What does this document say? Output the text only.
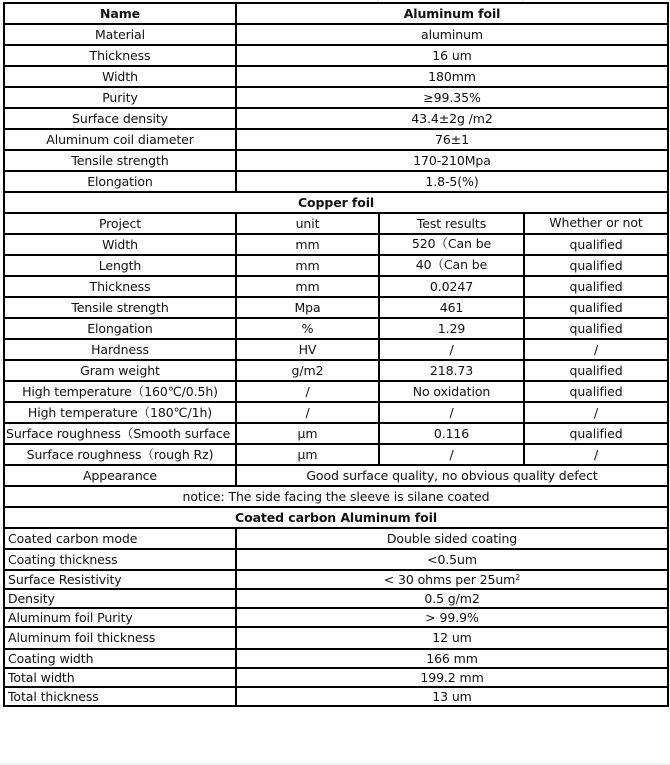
Name	Aluminum foil		
Material	aluminum		
Thickness	16 um		
Width	180mm		
Purity	≥99.35%		
Surface density	43.4±2g /m2		
Aluminum coil diameter	76±1		
Tensile strength	170-210Mpa		
Elongation	1.8-5(%)		
Copper foil			
Project	unit	Test results	Whether or not
Width	mm	520（Can be	qualified
Length	mm	40（Can be	qualified
Thickness	mm	0.0247	qualified
Tensile strength	Mpa	461	qualified
Elongation	%	1.29	qualified
Hardness	HV	/	/
Gram weight	g/m2	218.73	qualified
High temperature（160℃/0.5h)	/	No oxidation	qualified
High temperature（180℃/1h)	/	/	/
Surface roughness（Smooth surface	μm	0.116	qualified
Surface roughness（rough Rz)	μm	/	/
Appearance	Good surface quality, no obvious quality defect		
notice: The side facing the sleeve is silane coated			
Coated carbon Aluminum foil			
Coated carbon mode	Double sided coating		
Coating thickness	<0.5um		
Surface Resistivity	< 30 ohms per $25um^2$
Density	0.5 g/m2		
Aluminum foil Purity	> 99.9%		
Aluminum foil thickness	12 um		
Coating width	166 mm		
Total width	199.2 mm		
Total thickness	13 um		
